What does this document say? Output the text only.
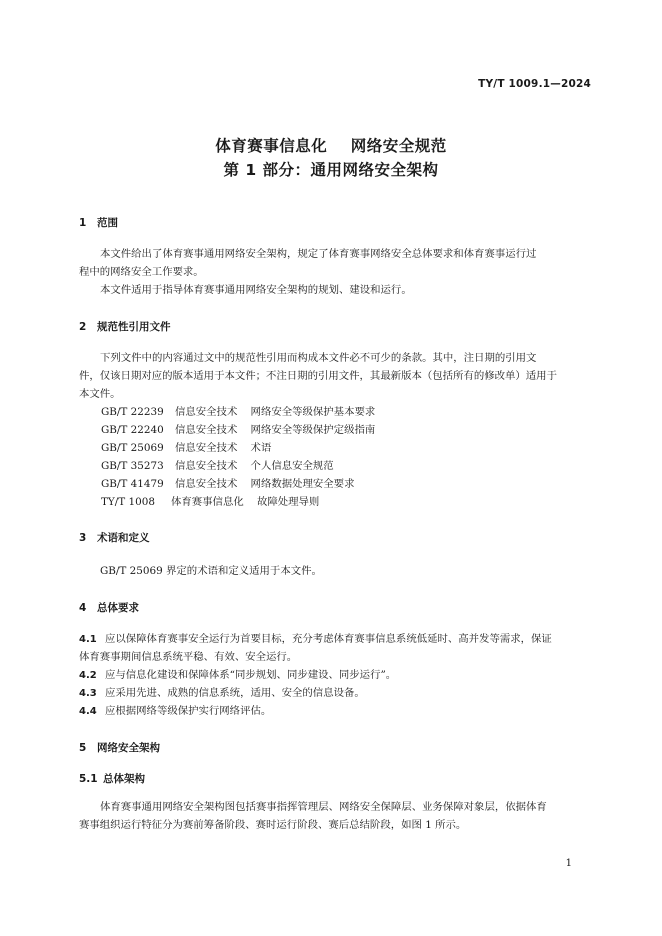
TY/T 1009.1—2024
体育赛事信息化    网络安全规范
第 1 部分：通用网络安全架构
1 范围
本文件给出了体育赛事通用网络安全架构，规定了体育赛事网络安全总体要求和体育赛事运行过
程中的网络安全工作要求。
本文件适用于指导体育赛事通用网络安全架构的规划、建设和运行。
2 规范性引用文件
下列文件中的内容通过文中的规范性引用而构成本文件必不可少的条款。其中，注日期的引用文
件，仅该日期对应的版本适用于本文件；不注日期的引用文件，其最新版本（包括所有的修改单）适用于
本文件。
GB/T 22239 信息安全技术    网络安全等级保护基本要求
GB/T 22240 信息安全技术    网络安全等级保护定级指南
GB/T 25069 信息安全技术    术语
GB/T 35273 信息安全技术    个人信息安全规范
GB/T 41479 信息安全技术    网络数据处理安全要求
TY/T 1008 体育赛事信息化    故障处理导则
3 术语和定义
GB/T 25069 界定的术语和定义适用于本文件。
4 总体要求
4.1 应以保障体育赛事安全运行为首要目标，充分考虑体育赛事信息系统低延时、高并发等需求，保证
体育赛事期间信息系统平稳、有效、安全运行。
4.2 应与信息化建设和保障体系“同步规划、同步建设、同步运行”。
4.3 应采用先进、成熟的信息系统，适用、安全的信息设备。
4.4 应根据网络等级保护实行网络评估。
5 网络安全架构
5.1 总体架构
体育赛事通用网络安全架构图包括赛事指挥管理层、网络安全保障层、业务保障对象层，依据体育
赛事组织运行特征分为赛前筹备阶段、赛时运行阶段、赛后总结阶段，如图 1 所示。
1
